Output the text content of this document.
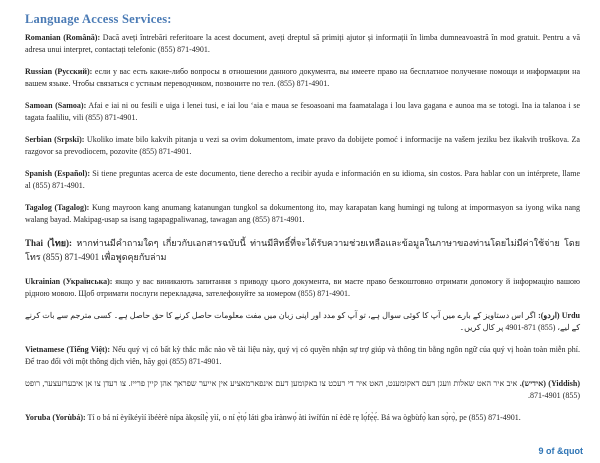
Language Access Services:

Romanian (Română): Dacă aveți întrebări referitoare la acest document, aveți dreptul să primiți ajutor și informații în limba dumneavoastră în mod gratuit. Pentru a vă adresa unui interpret, contactați telefonic (855) 871-4901.

Russian (Русский): если у вас есть какие-либо вопросы в отношении данного документа, вы имеете право на бесплатное получение помощи и информации на вашем языке. Чтобы связаться с устным переводчиком, позвоните по тел. (855) 871-4901.

Samoan (Samoa): Afai e iai ni ou fesili e uiga i lenei tusi, e iai lou ‘aia e maua se fesoasoani ma faamatalaga i lou lava gagana e aunoa ma se totogi. Ina ia talanoa i se tagata faaliliu, vili (855) 871-4901.

Serbian (Srpski): Ukoliko imate bilo kakvih pitanja u vezi sa ovim dokumentom, imate pravo da dobijete pomoć i informacije na vašem jeziku bez ikakvih troškova. Za razgovor sa prevodiocem, pozovite (855) 871-4901.

Spanish (Español): Si tiene preguntas acerca de este documento, tiene derecho a recibir ayuda e información en su idioma, sin costos. Para hablar con un intérprete, llame al (855) 871-4901.

Tagalog (Tagalog): Kung mayroon kang anumang katanungan tungkol sa dokumentong ito, may karapatan kang humingi ng tulong at impormasyon sa iyong wika nang walang bayad. Makipag-usap sa isang tagapagpaliwanag, tawagan ang (855) 871-4901.

Thai (ไทย): หากท่านมีคำถามใดๆ เกี่ยวกับเอกสารฉบับนี้ ท่านมีสิทธิ์ที่จะได้รับความช่วยเหลือและข้อมูลในภาษาของท่านโดยไม่มีค่าใช้จ่าย โดยโทร (855) 871-4901 เพื่อพูดคุยกับล่าม

Ukrainian (Українська): якщо у вас виникають запитання з приводу цього документа, ви маєте право безкоштовно отримати допомогу й інформацію вашою рідною мовою. Щоб отримати послуги перекладача, зателефонуйте за номером (855) 871-4901.

Urdu (اردو): اگر اس دستاویز کے بارے میں آپ کا کوئی سوال ہے، تو آپ کو مدد اور اپنی زبان میں مفت معلومات حاصل کرنے کا حق حاصل ہے۔ کسی مترجم سے بات کرنے کے لیے، (855) 871-4901 پر کال کریں۔

Vietnamese (Tiếng Việt): Nếu quý vị có bất kỳ thắc mắc nào về tài liệu này, quý vị có quyền nhận sự trợ giúp và thông tin bằng ngôn ngữ của quý vị hoàn toàn miễn phí. Để trao đổi với một thông dịch viên, hãy gọi (855) 871-4901.

(Yiddish) (אידיש). איב איר האט שאלות וועגן דעם דאקומענט, האט איר די רעכט צו באקומען דעם אינפארמאציע אין אייער שפראך אהן קיין פרייז. צו רעדן צו אן איבערזעצער, רופט (855) 871-4901.

Yoruba (Yorùbá): Tí o bá ní èyíkéyìí ìbéèrè nípa àkọsílẹ̀ yìí, o ní ẹ̀tọ́ láti gba ìrànwọ́ àti ìwífún ní èdè rẹ lọ́fẹ̀ẹ́. Bá wa ògbùfọ̀ kan sọ̀rọ̀, pe (855) 871-4901.

9 of &quot
